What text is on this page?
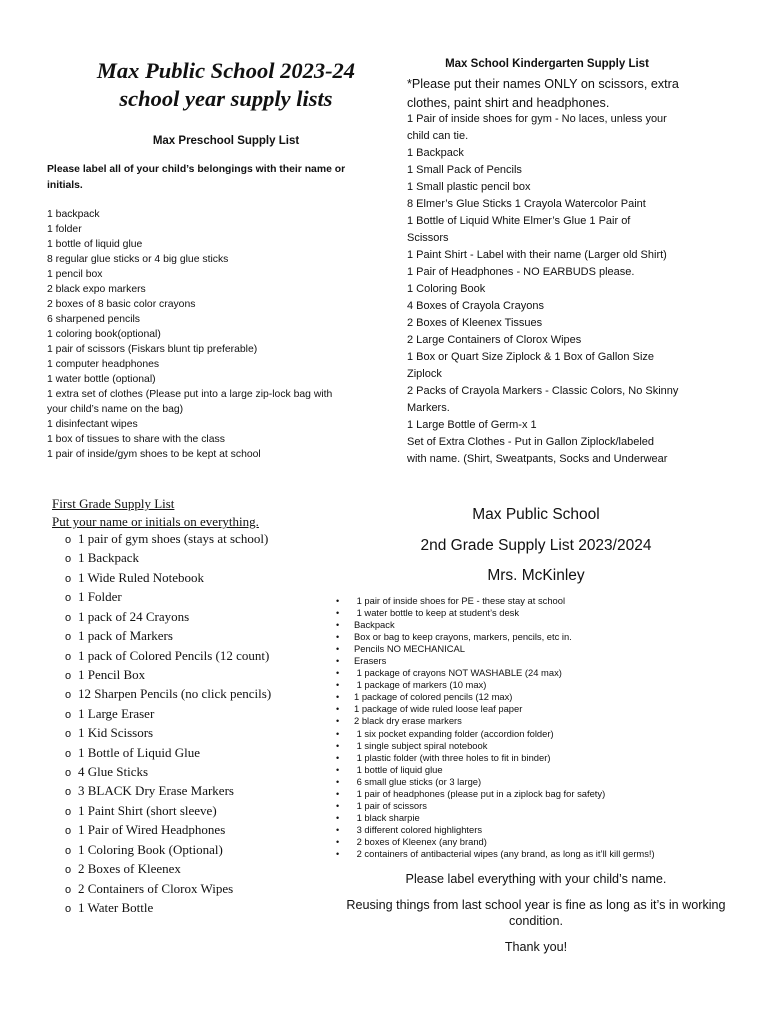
Max Public School 2023-24
school year supply lists
Max Preschool Supply List
Please label all of your child’s belongings with their name or initials.
1 backpack
1 folder
1 bottle of liquid glue
8 regular glue sticks or 4 big glue sticks
1 pencil box
2 black expo markers
2 boxes of 8 basic color crayons
6 sharpened pencils
1 coloring book(optional)
1 pair of scissors (Fiskars blunt tip preferable)
1 computer headphones
1 water bottle (optional)
1 extra set of clothes (Please put into a large zip-lock bag with
your child’s name on the bag)
1 disinfectant wipes
1 box of tissues to share with the class
1 pair of inside/gym shoes to be kept at school
Max School Kindergarten Supply List
*Please put their names ONLY on scissors, extra clothes, paint shirt and headphones.
1 Pair of inside shoes for gym - No laces, unless your
child can tie.
1 Backpack
1 Small Pack of Pencils
1 Small plastic pencil box
8 Elmer’s Glue Sticks 1 Crayola Watercolor Paint
1 Bottle of Liquid White Elmer’s Glue 1 Pair of
Scissors
1 Paint Shirt - Label with their name (Larger old Shirt)
1 Pair of Headphones - NO EARBUDS please.
1 Coloring Book
4 Boxes of Crayola Crayons
2 Boxes of Kleenex Tissues
2 Large Containers of Clorox Wipes
1 Box or Quart Size Ziplock & 1 Box of Gallon Size
Ziplock
2 Packs of Crayola Markers - Classic Colors, No Skinny
Markers.
1 Large Bottle of Germ-x 1
Set of Extra Clothes - Put in Gallon Ziplock/labeled
with name. (Shirt, Sweatpants, Socks and Underwear
First Grade Supply List
Put your name or initials on everything.
o 1 pair of gym shoes (stays at school)
o 1 Backpack
o 1 Wide Ruled Notebook
o 1 Folder
o 1 pack of 24 Crayons
o 1 pack of Markers
o 1 pack of Colored Pencils (12 count)
o 1 Pencil Box
o 12 Sharpen Pencils (no click pencils)
o 1 Large Eraser
o 1 Kid Scissors
o 1 Bottle of Liquid Glue
o 4 Glue Sticks
o 3 BLACK Dry Erase Markers
o 1 Paint Shirt (short sleeve)
o 1 Pair of Wired Headphones
o 1 Coloring Book (Optional)
o 2 Boxes of Kleenex
o 2 Containers of Clorox Wipes
o 1 Water Bottle
Max Public School
2nd Grade Supply List 2023/2024
Mrs. McKinley
• 1 pair of inside shoes for PE - these stay at school
• 1 water bottle to keep at student’s desk
• Backpack
• Box or bag to keep crayons, markers, pencils, etc in.
• Pencils NO MECHANICAL
• Erasers
• 1 package of crayons NOT WASHABLE (24 max)
• 1 package of markers (10 max)
• 1 package of colored pencils (12 max)
• 1 package of wide ruled loose leaf paper
• 2 black dry erase markers
• 1 six pocket expanding folder (accordion folder)
• 1 single subject spiral notebook
• 1 plastic folder (with three holes to fit in binder)
• 1 bottle of liquid glue
• 6 small glue sticks (or 3 large)
• 1 pair of headphones (please put in a ziplock bag for safety)
• 1 pair of scissors
• 1 black sharpie
• 3 different colored highlighters
• 2 boxes of Kleenex (any brand)
• 2 containers of antibacterial wipes (any brand, as long as it’ll kill germs!)
Please label everything with your child’s name.
Reusing things from last school year is fine as long as it’s in working condition.
Thank you!
